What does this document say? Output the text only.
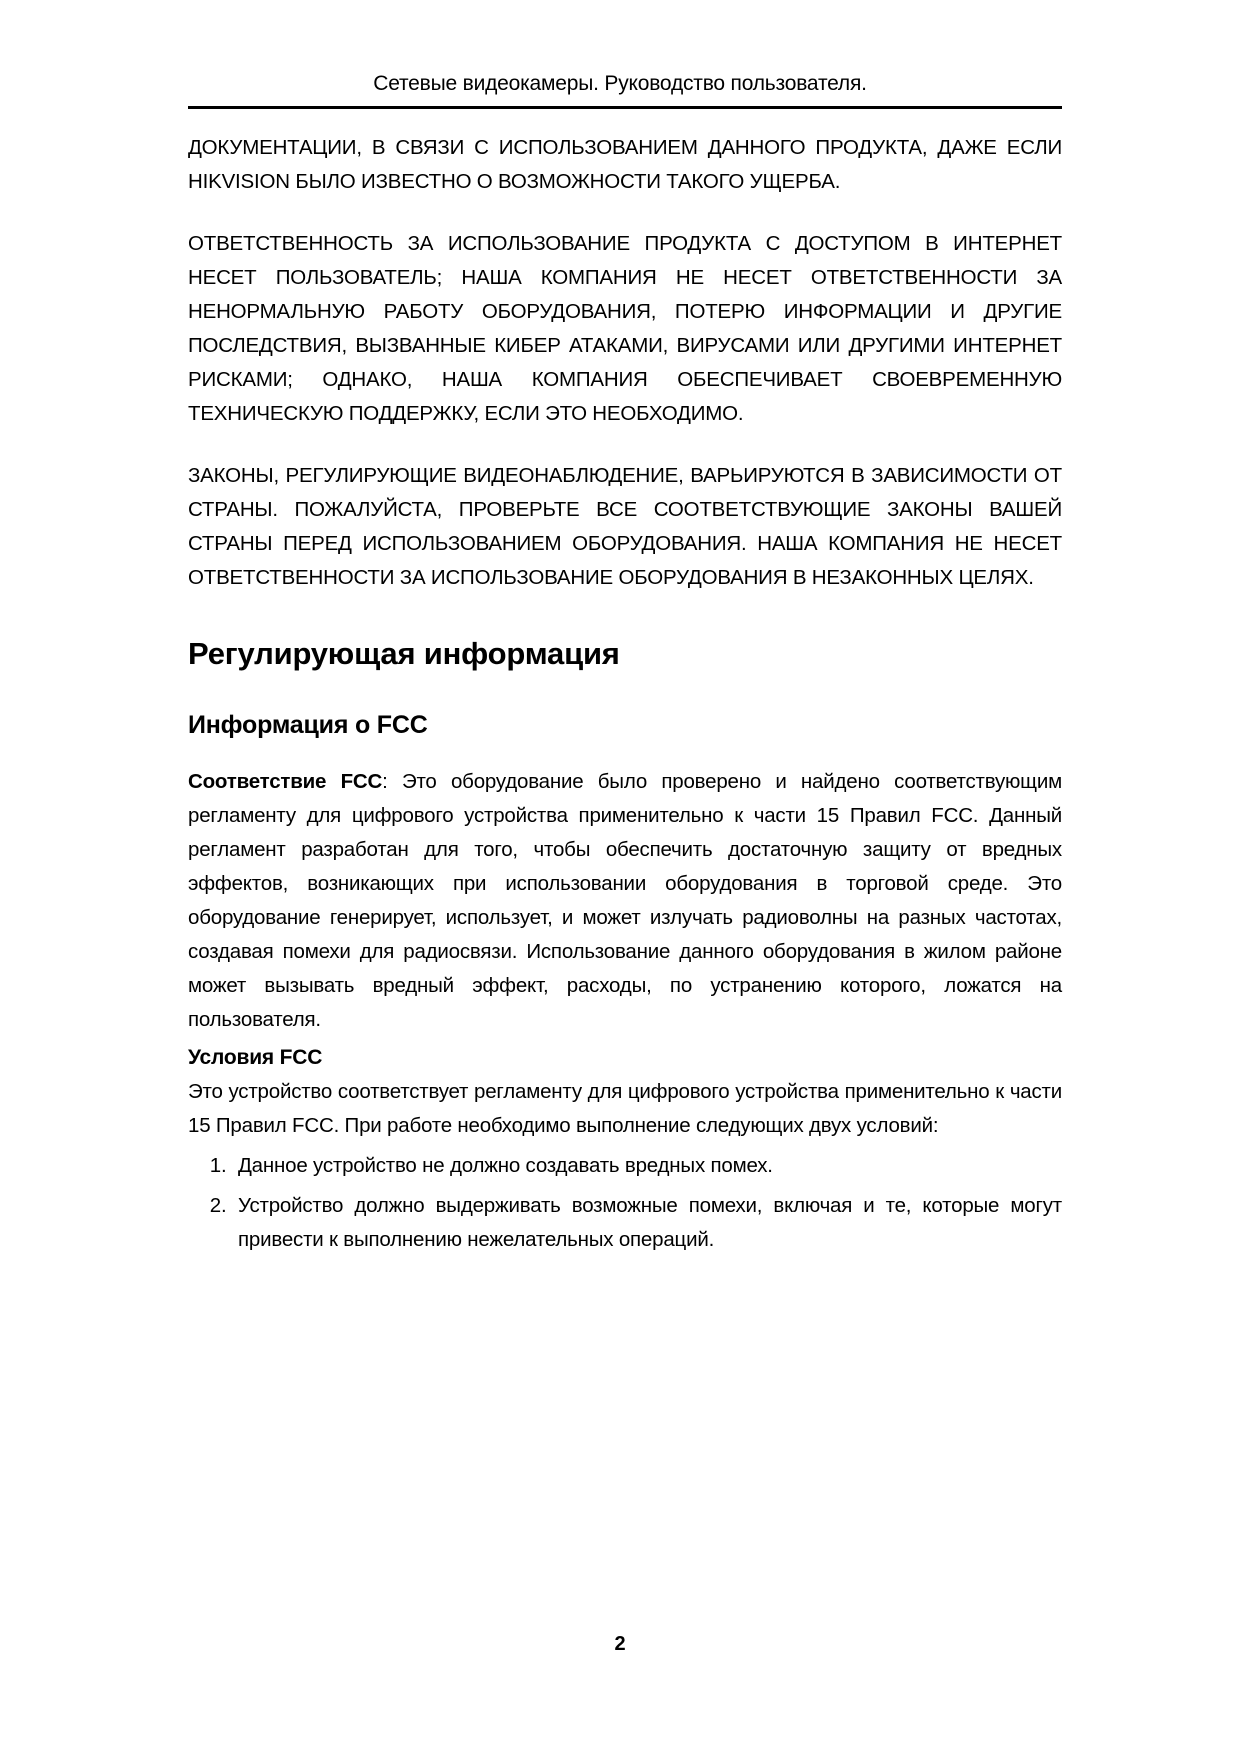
Сетевые видеокамеры. Руководство пользователя.

ДОКУМЕНТАЦИИ, В СВЯЗИ С ИСПОЛЬЗОВАНИЕМ ДАННОГО ПРОДУКТА, ДАЖЕ ЕСЛИ HIKVISION БЫЛО ИЗВЕСТНО О ВОЗМОЖНОСТИ ТАКОГО УЩЕРБА.

ОТВЕТСТВЕННОСТЬ ЗА ИСПОЛЬЗОВАНИЕ ПРОДУКТА С ДОСТУПОМ В ИНТЕРНЕТ НЕСЕТ ПОЛЬЗОВАТЕЛЬ; НАША КОМПАНИЯ НЕ НЕСЕТ ОТВЕТСТВЕННОСТИ ЗА НЕНОРМАЛЬНУЮ РАБОТУ ОБОРУДОВАНИЯ, ПОТЕРЮ ИНФОРМАЦИИ И ДРУГИЕ ПОСЛЕДСТВИЯ, ВЫЗВАННЫЕ КИБЕР АТАКАМИ, ВИРУСАМИ ИЛИ ДРУГИМИ ИНТЕРНЕТ РИСКАМИ; ОДНАКО, НАША КОМПАНИЯ ОБЕСПЕЧИВАЕТ СВОЕВРЕМЕННУЮ ТЕХНИЧЕСКУЮ ПОДДЕРЖКУ, ЕСЛИ ЭТО НЕОБХОДИМО.

ЗАКОНЫ, РЕГУЛИРУЮЩИЕ ВИДЕОНАБЛЮДЕНИЕ, ВАРЬИРУЮТСЯ В ЗАВИСИМОСТИ ОТ СТРАНЫ. ПОЖАЛУЙСТА, ПРОВЕРЬТЕ ВСЕ СООТВЕТСТВУЮЩИЕ ЗАКОНЫ ВАШЕЙ СТРАНЫ ПЕРЕД ИСПОЛЬЗОВАНИЕМ ОБОРУДОВАНИЯ. НАША КОМПАНИЯ НЕ НЕСЕТ ОТВЕТСТВЕННОСТИ ЗА ИСПОЛЬЗОВАНИЕ ОБОРУДОВАНИЯ В НЕЗАКОННЫХ ЦЕЛЯХ.

Регулирующая информация
Информация о FCC

Соответствие FCC: Это оборудование было проверено и найдено соответствующим регламенту для цифрового устройства применительно к части 15 Правил FCC. Данный регламент разработан для того, чтобы обеспечить достаточную защиту от вредных эффектов, возникающих при использовании оборудования в торговой среде. Это оборудование генерирует, использует, и может излучать радиоволны на разных частотах, создавая помехи для радиосвязи. Использование данного оборудования в жилом районе может вызывать вредный эффект, расходы, по устранению которого, ложатся на пользователя.

Условия FCC

Это устройство соответствует регламенту для цифрового устройства применительно к части 15 Правил FCC. При работе необходимо выполнение следующих двух условий:

1. Данное устройство не должно создавать вредных помех.
2. Устройство должно выдерживать возможные помехи, включая и те, которые могут привести к выполнению нежелательных операций.
2
